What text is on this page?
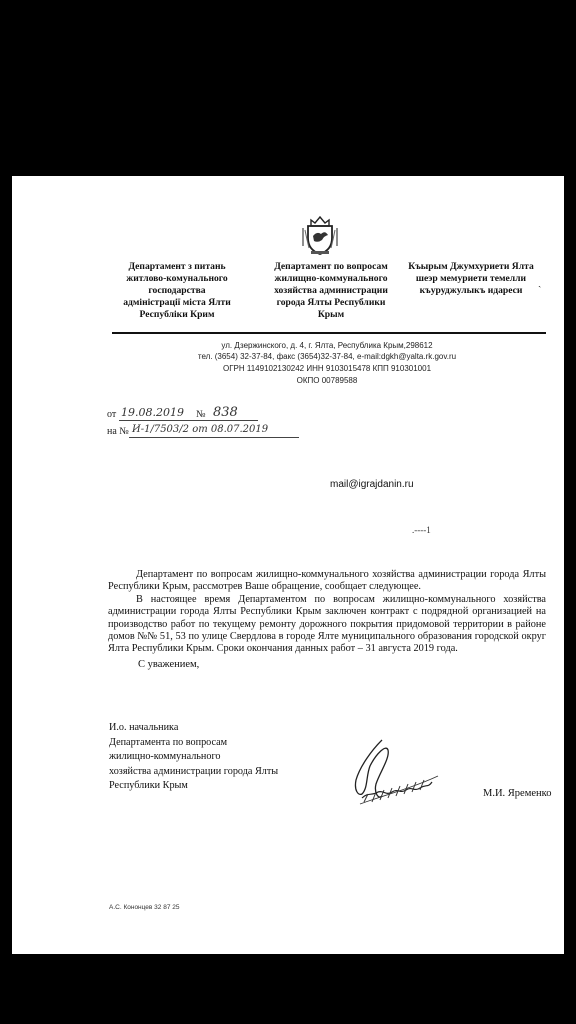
Департамент з питань
житлово-комунального
господарства
адміністрації міста Ялти
Республіки Крим
Департамент по вопросам
жилищно-коммунального
хозяйства администрации
города Ялты Республики
Крым
Къырым Джумхуриети Ялта
шеэр мемуриети темелли
къуруджулыкъ идареси
ˏ
ул. Дзержинского, д. 4, г. Ялта, Республика Крым,298612
тел. (3654) 32-37-84, факс (3654)32-37-84, e-mail:dgkh@yalta.rk.gov.ru
ОГРН 1149102130242 ИНН 9103015478 КПП 910301001
ОКПО 00789588
от 19.08.2019 № 838
на № И-1/7503/2 от 08.07.2019
mail@igrajdanin.ru
.‐‐‐‐1

Департамент по вопросам жилищно-коммунального хозяйства администрации города Ялты Республики Крым, рассмотрев Ваше обращение, сообщает следующее.

В настоящее время Департаментом по вопросам жилищно-коммунального хозяйства администрации города Ялты Республики Крым заключен контракт с подрядной организацией на производство работ по текущему ремонту дорожного покрытия придомовой территории в районе домов №№ 51, 53 по улице Свердлова в городе Ялте муниципального образования городской округ Ялта Республики Крым. Сроки окончания данных работ – 31 августа 2019 года.

С уважением,
И.о. начальника
Департамента по вопросам
жилищно-коммунального
хозяйства администрации города Ялты
Республики Крым
М.И. Яременко
А.С. Кононцев 32 87 25
